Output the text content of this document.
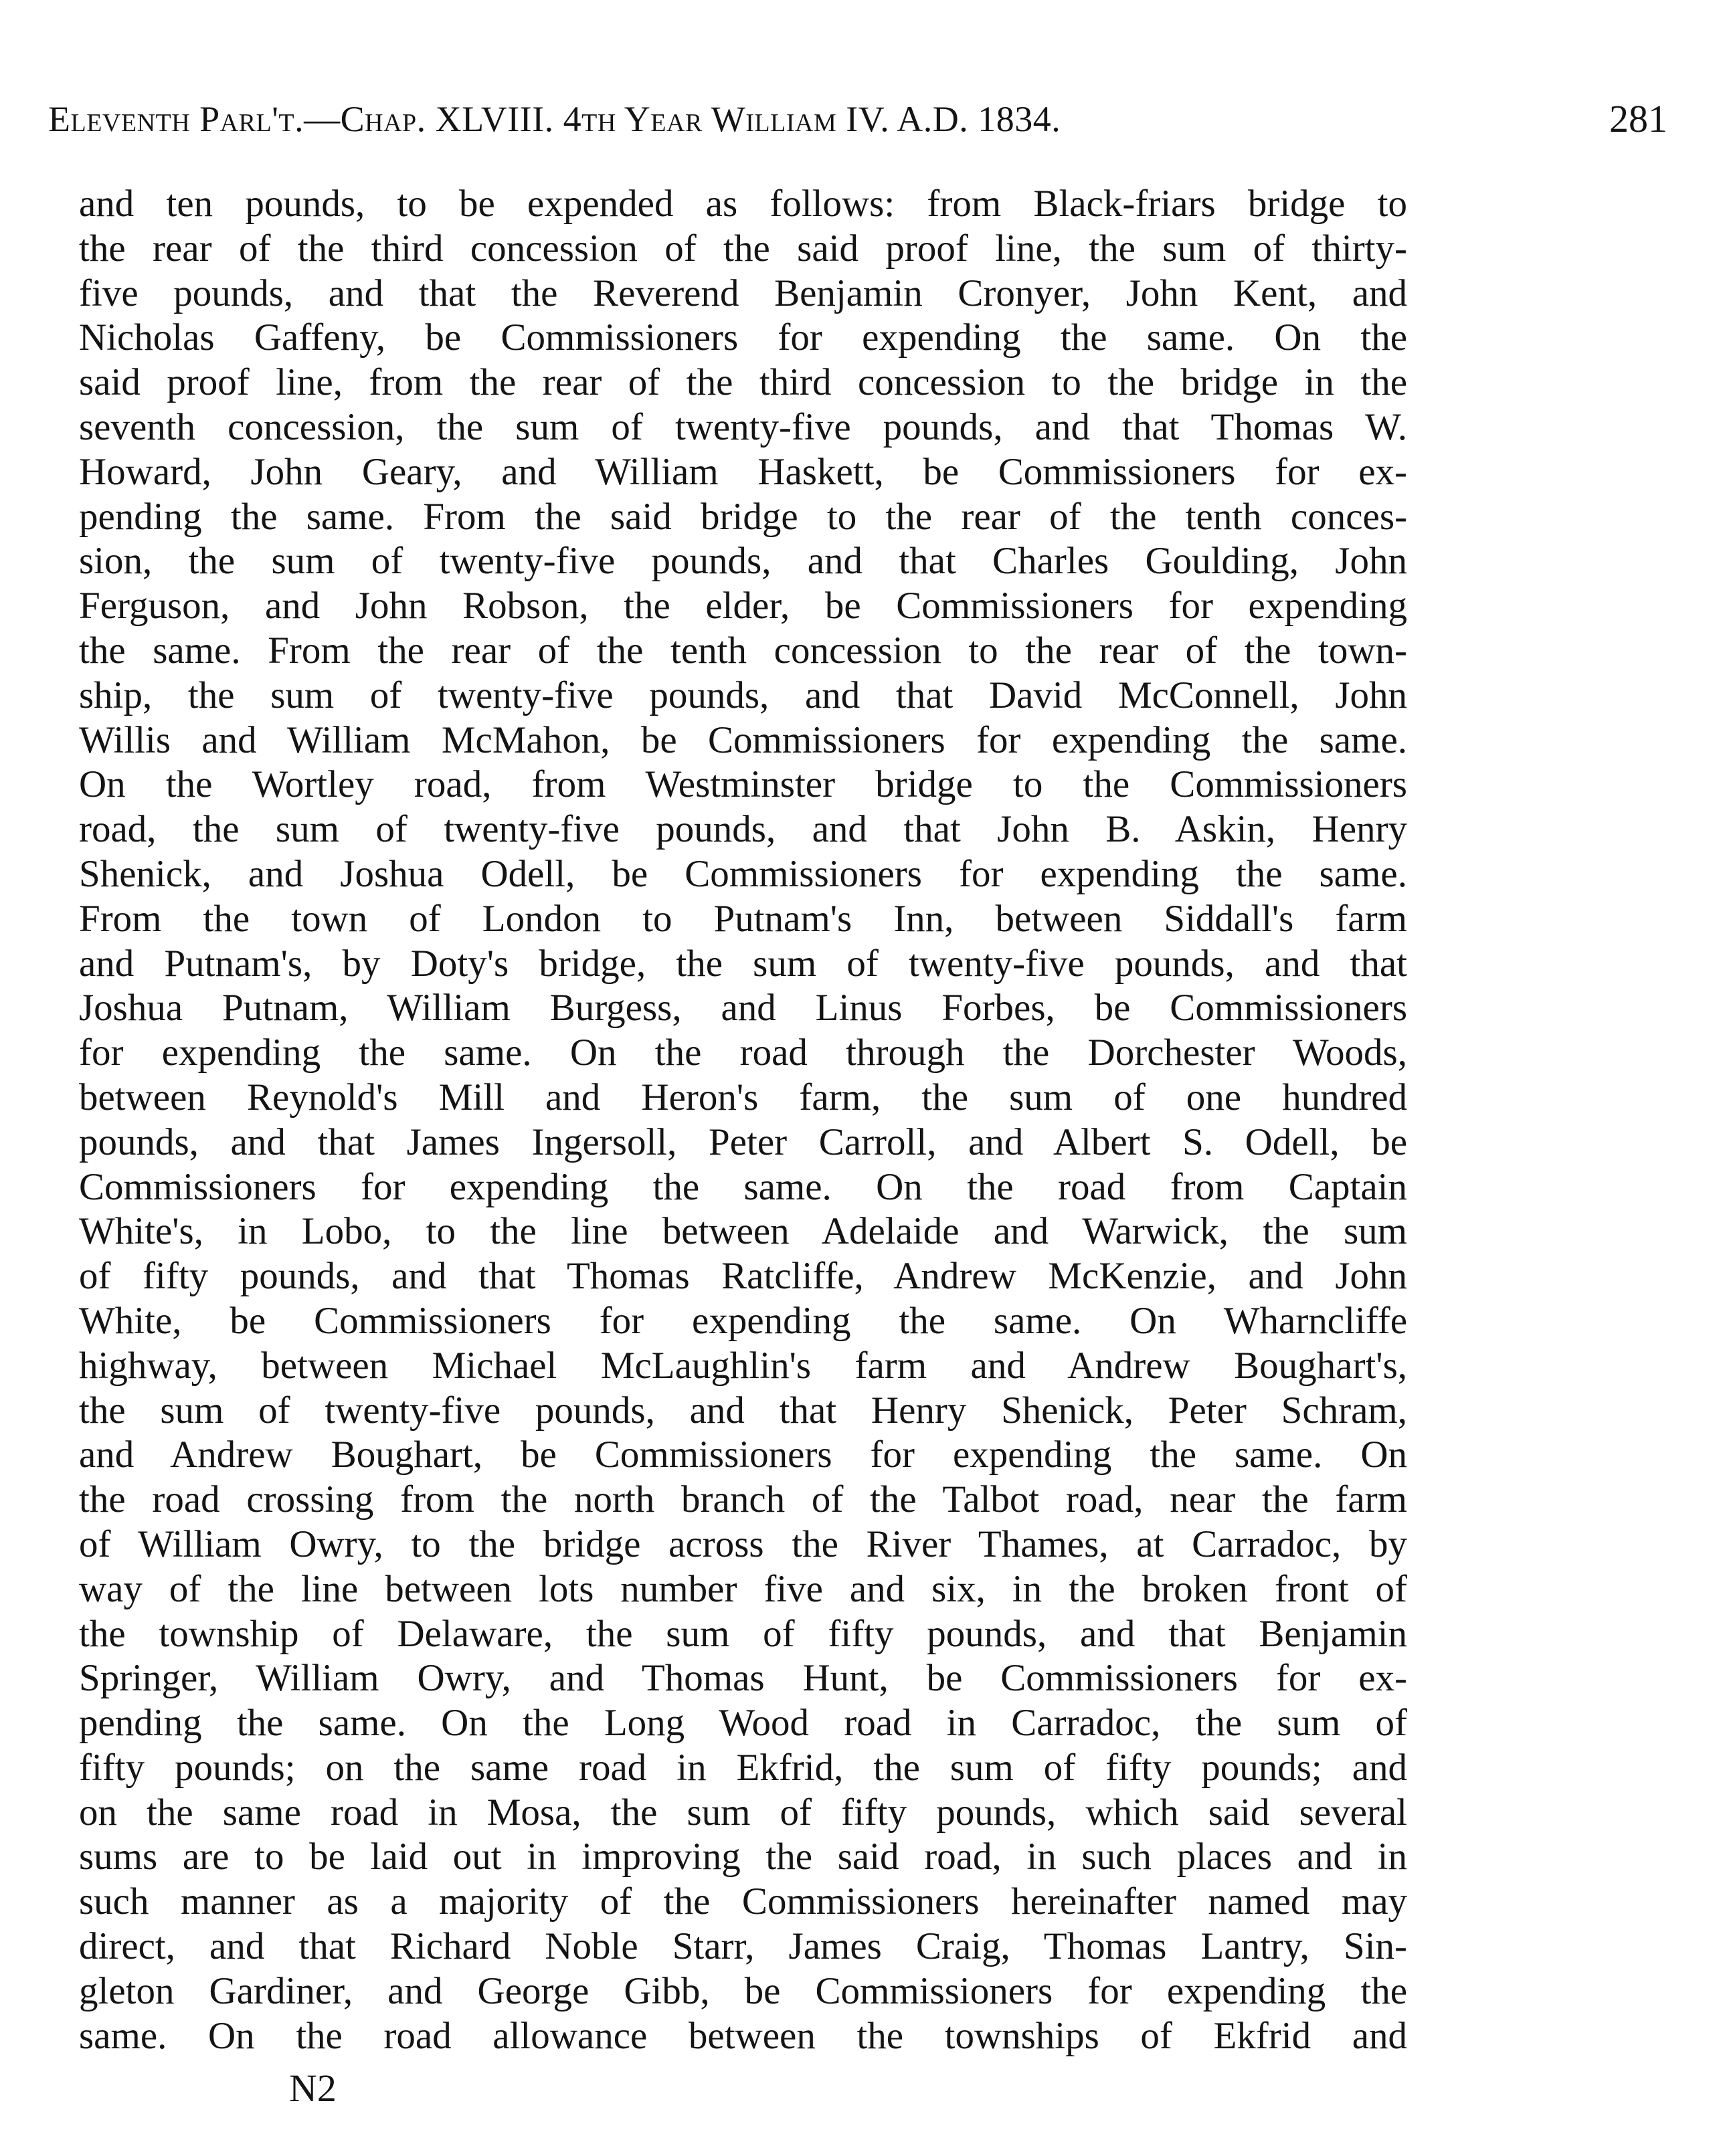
Eleventh Parl't.—Chap. XLVIII. 4th Year William IV. A.D. 1834.	281
and ten pounds, to be expended as follows: from Black-friars bridge to
the rear of the third concession of the said proof line, the sum of thirty-
five pounds, and that the Reverend Benjamin Cronyer, John Kent, and
Nicholas Gaffeny, be Commissioners for expending the same. On the
said proof line, from the rear of the third concession to the bridge in the
seventh concession, the sum of twenty-five pounds, and that Thomas W.
Howard, John Geary, and William Haskett, be Commissioners for ex-
pending the same. From the said bridge to the rear of the tenth conces-
sion, the sum of twenty-five pounds, and that Charles Goulding, John
Ferguson, and John Robson, the elder, be Commissioners for expending
the same. From the rear of the tenth concession to the rear of the town-
ship, the sum of twenty-five pounds, and that David McConnell, John
Willis and William McMahon, be Commissioners for expending the same.
On the Wortley road, from Westminster bridge to the Commissioners
road, the sum of twenty-five pounds, and that John B. Askin, Henry
Shenick, and Joshua Odell, be Commissioners for expending the same.
From the town of London to Putnam's Inn, between Siddall's farm
and Putnam's, by Doty's bridge, the sum of twenty-five pounds, and that
Joshua Putnam, William Burgess, and Linus Forbes, be Commissioners
for expending the same. On the road through the Dorchester Woods,
between Reynold's Mill and Heron's farm, the sum of one hundred
pounds, and that James Ingersoll, Peter Carroll, and Albert S. Odell, be
Commissioners for expending the same. On the road from Captain
White's, in Lobo, to the line between Adelaide and Warwick, the sum
of fifty pounds, and that Thomas Ratcliffe, Andrew McKenzie, and John
White, be Commissioners for expending the same. On Wharncliffe
highway, between Michael McLaughlin's farm and Andrew Boughart's,
the sum of twenty-five pounds, and that Henry Shenick, Peter Schram,
and Andrew Boughart, be Commissioners for expending the same. On
the road crossing from the north branch of the Talbot road, near the farm
of William Owry, to the bridge across the River Thames, at Carradoc, by
way of the line between lots number five and six, in the broken front of
the township of Delaware, the sum of fifty pounds, and that Benjamin
Springer, William Owry, and Thomas Hunt, be Commissioners for ex-
pending the same. On the Long Wood road in Carradoc, the sum of
fifty pounds; on the same road in Ekfrid, the sum of fifty pounds; and
on the same road in Mosa, the sum of fifty pounds, which said several
sums are to be laid out in improving the said road, in such places and in
such manner as a majority of the Commissioners hereinafter named may
direct, and that Richard Noble Starr, James Craig, Thomas Lantry, Sin-
gleton Gardiner, and George Gibb, be Commissioners for expending the
same. On the road allowance between the townships of Ekfrid and
N2
